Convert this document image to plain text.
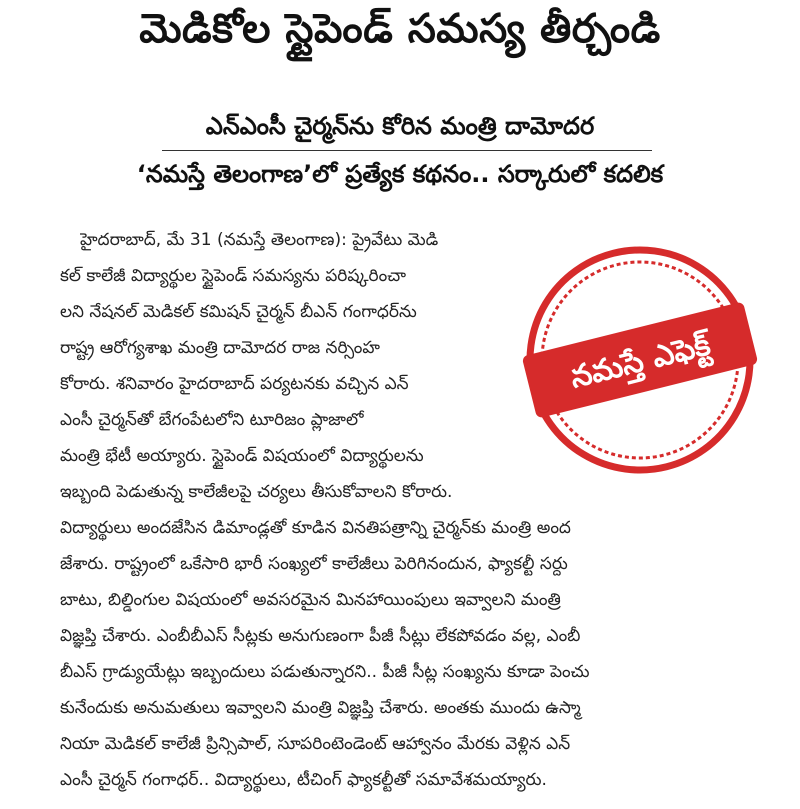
మెడికోల స్టైపెండ్ సమస్య తీర్చండి
ఎన్ఎంసీ చైర్మన్‌ను కోరిన మంత్రి దామోదర
‘నమస్తే తెలంగాణ’లో ప్రత్యేక కథనం.. సర్కారులో కదలిక
హైదరాబాద్, మే 31 (నమస్తే తెలంగాణ): ప్రైవేటు మెడి
కల్ కాలేజీ విద్యార్థుల స్టైపెండ్ సమస్యను పరిష్కరించా
లని నేషనల్ మెడికల్ కమిషన్ చైర్మన్ బీఎన్ గంగాధర్‌ను
రాష్ట్ర ఆరోగ్యశాఖ మంత్రి దామోదర రాజ నర్సింహ
కోరారు. శనివారం హైదరాబాద్ పర్యటనకు వచ్చిన ఎన్
ఎంసీ చైర్మన్‌తో బేగంపేటలోని టూరిజం ప్లాజాలో
మంత్రి భేటీ అయ్యారు. స్టైపెండ్ విషయంలో విద్యార్థులను
ఇబ్బంది పెడుతున్న కాలేజీలపై చర్యలు తీసుకోవాలని కోరారు.
విద్యార్థులు అందజేసిన డిమాండ్లతో కూడిన వినతిపత్రాన్ని చైర్మన్‌కు మంత్రి అంద
జేశారు. రాష్ట్రంలో ఒకేసారి భారీ సంఖ్యలో కాలేజీలు పెరిగినందున, ఫ్యాకల్టీ సర్దు
బాటు, బిల్డింగుల విషయంలో అవసరమైన మినహాయింపులు ఇవ్వాలని మంత్రి
విజ్ఞప్తి చేశారు. ఎంబీబీఎస్ సీట్లకు అనుగుణంగా పీజీ సీట్లు లేకపోవడం వల్ల, ఎంబీ
బీఎస్ గ్రాడ్యుయేట్లు ఇబ్బందులు పడుతున్నారని.. పీజీ సీట్ల సంఖ్యను కూడా పెంచు
కునేందుకు అనుమతులు ఇవ్వాలని మంత్రి విజ్ఞప్తి చేశారు. అంతకు ముందు ఉస్మా
నియా మెడికల్ కాలేజీ ప్రిన్సిపాల్, సూపరింటెండెంట్ ఆహ్వానం మేరకు వెళ్లిన ఎన్
ఎంసీ చైర్మన్ గంగాధర్.. విద్యార్థులు, టీచింగ్ ఫ్యాకల్టీతో సమావేశమయ్యారు.
నమస్తే ఎఫెక్ట్
